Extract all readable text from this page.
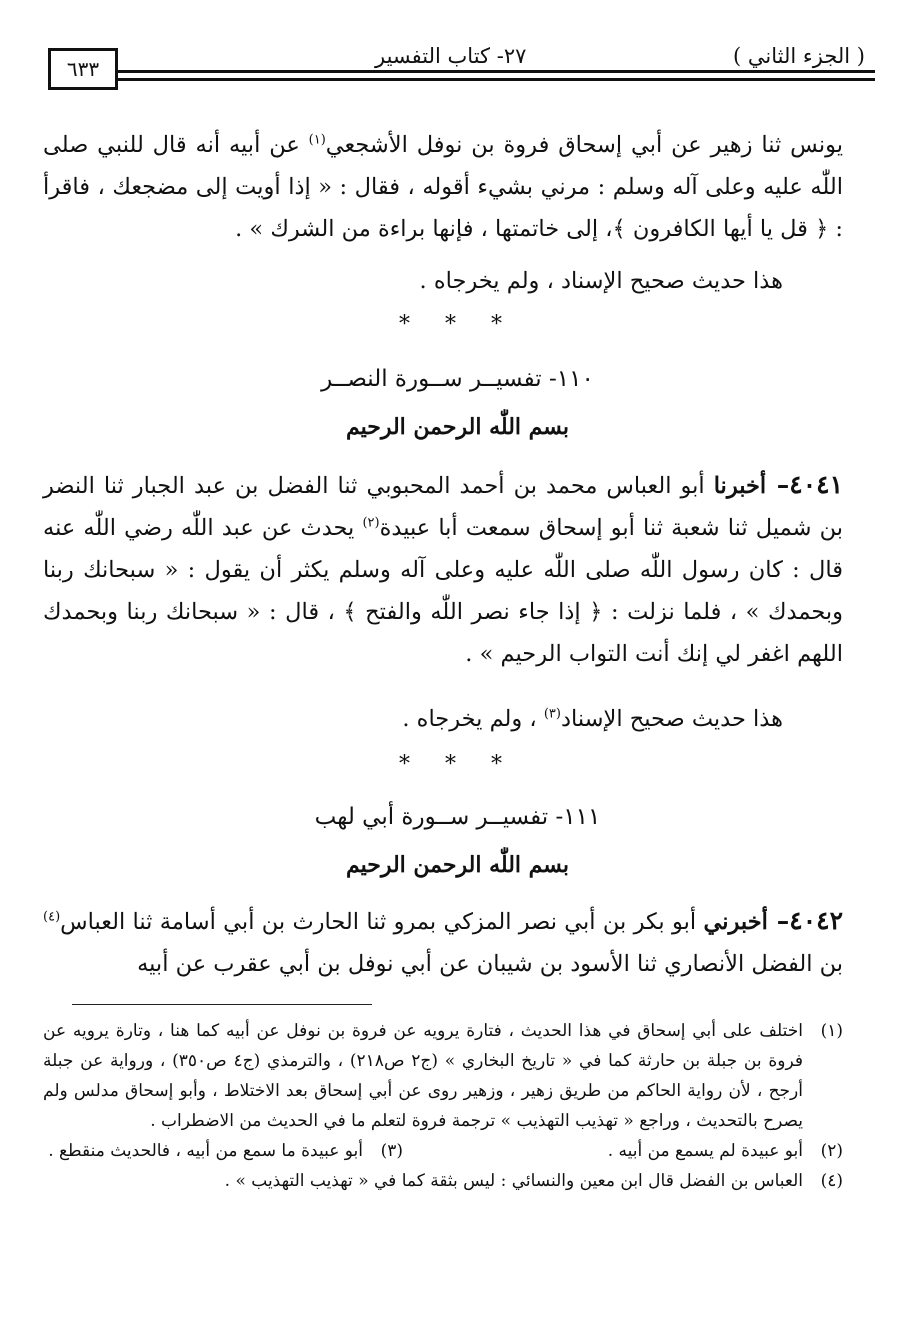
( الجزء الثاني )
٢٧- كتاب التفسير
٦٣٣
يونس ثنا زهير عن أبي إسحاق فروة بن نوفل الأشجعي$^{(١)}$ عن أبيه أنه قال للنبي صلى اللّٰه عليه وعلى آله وسلم : مرني بشيء أقوله ، فقال : « إذا أويت إلى مضجعك ، فاقرأ : ﴿ قل يا أيها الكافرون ﴾، إلى خاتمتها ، فإنها براءة من الشرك » .
هذا حديث صحيح الإسناد ، ولم يخرجاه .
* * *
١١٠- تفسيــر ســورة النصــر
بسم اللّٰه الرحمن الرحيم
٤٠٤١– أخبرنا أبو العباس محمد بن أحمد المحبوبي ثنا الفضل بن عبد الجبار ثنا النضر بن شميل ثنا شعبة ثنا أبو إسحاق سمعت أبا عبيدة$^{(٢)}$ يحدث عن عبد اللّٰه رضي اللّٰه عنه قال : كان رسول اللّٰه صلى اللّٰه عليه وعلى آله وسلم يكثر أن يقول : « سبحانك ربنا وبحمدك » ، فلما نزلت : ﴿ إذا جاء نصر اللّٰه والفتح ﴾ ، قال : « سبحانك ربنا وبحمدك اللهم اغفر لي إنك أنت التواب الرحيم » .
هذا حديث صحيح الإسناد$^{(٣)}$ ، ولم يخرجاه .
* * *
١١١- تفسيــر ســورة أبي لهب
بسم اللّٰه الرحمن الرحيم
٤٠٤٢– أخبرني أبو بكر بن أبي نصر المزكي بمرو ثنا الحارث بن أبي أسامة ثنا العباس$^{(٤)}$ بن الفضل الأنصاري ثنا الأسود بن شيبان عن أبي نوفل بن أبي عقرب عن أبيه
(١)
اختلف على أبي إسحاق في هذا الحديث ، فتارة يرويه عن فروة بن نوفل عن أبيه كما هنا ، وتارة يرويه عن فروة بن جبلة بن حارثة كما في « تاريخ البخاري » (ج٢ ص٢١٨) ، والترمذي (ج٤ ص٣٥٠) ، ورواية عن جبلة أرجح ، لأن رواية الحاكم من طريق زهير ، وزهير روى عن أبي إسحاق بعد الاختلاط ، وأبو إسحاق مدلس ولم يصرح بالتحديث ، وراجع « تهذيب التهذيب » ترجمة فروة لتعلم ما في الحديث من الاضطراب .
(٢)
أبو عبيدة لم يسمع من أبيه .
(٣)
أبو عبيدة ما سمع من أبيه ، فالحديث منقطع .
(٤)
العباس بن الفضل قال ابن معين والنسائي : ليس بثقة كما في « تهذيب التهذيب » .
